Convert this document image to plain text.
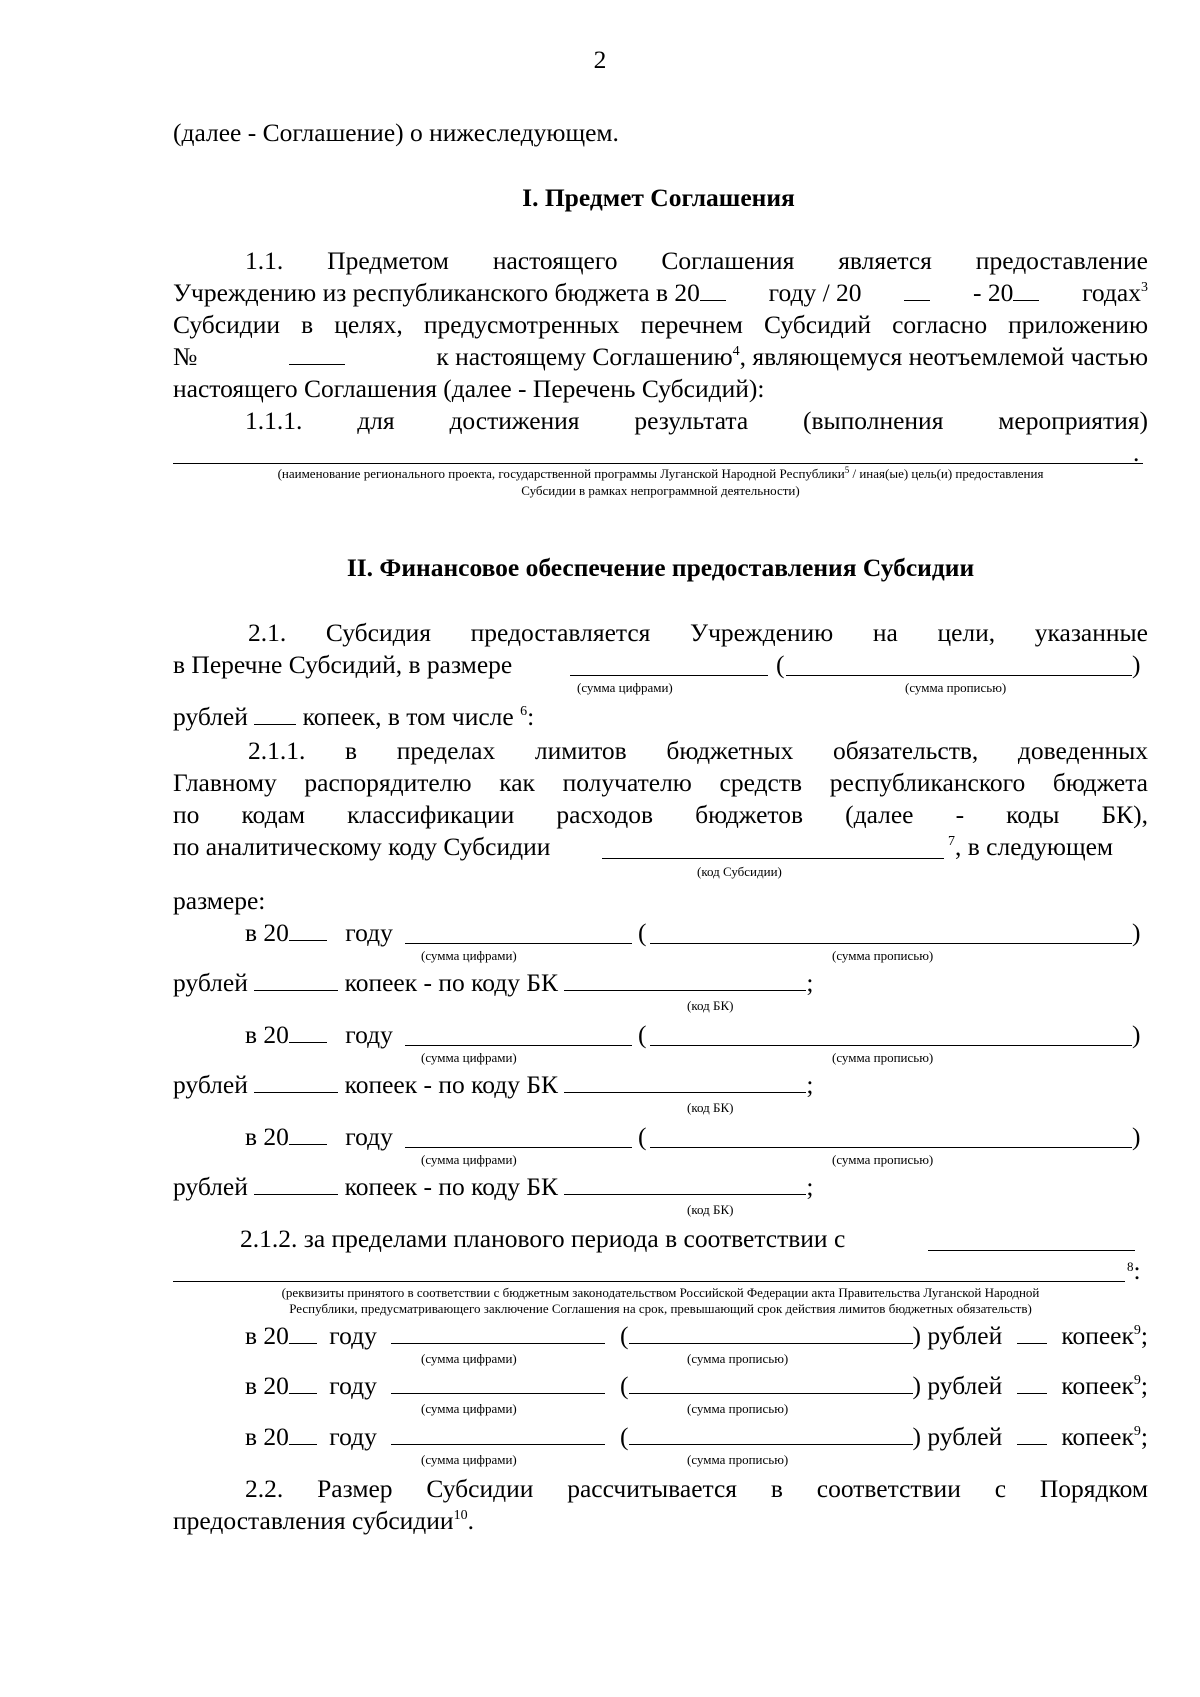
2
(далее - Соглашение) о нижеследующем.
I. Предмет Соглашения
1.1. Предметом настоящего Соглашения является предоставление
Учреждению из республиканского бюджета в 20	году / 20	- 20	годах$^3$
Субсидии в целях, предусмотренных перечнем Субсидий согласно приложению
№	к настоящему Соглашению$^4$, являющемуся неотъемлемой частью
настоящего Соглашения (далее - Перечень Субсидий):
1.1.1. для достижения результата (выполнения мероприятия)
.
(наименование регионального проекта, государственной программы Луганской Народной Республики$^5$ / иная(ые) цель(и) предоставления
Субсидии в рамках непрограммной деятельности)
II. Финансовое обеспечение предоставления Субсидии
2.1. Субсидия предоставляется Учреждению на цели, указанные
в Перечне Субсидий, в размере	(	)
(сумма цифрами)	(сумма прописью)
рублей копеек, в том числе $^6$:
2.1.1. в пределах лимитов бюджетных обязательств, доведенных
Главному распорядителю как получателю средств республиканского бюджета
по кодам классификации расходов бюджетов (далее - коды БК),
по аналитическому коду Субсидии	$^7$, в следующем
(код Субсидии)
размере:
в 20 году	(	)
(сумма цифрами)	(сумма прописью)
рублей	копеек - по коду БК	;
(код БК)
в 20 году	(	)
(сумма цифрами)	(сумма прописью)
рублей	копеек - по коду БК	;
(код БК)
в 20 году	(	)
(сумма цифрами)	(сумма прописью)
рублей	копеек - по коду БК	;
(код БК)
2.1.2. за пределами планового периода в соответствии с
$^8$:
(реквизиты принятого в соответствии с бюджетным законодательством Российской Федерации акта Правительства Луганской Народной
Республики, предусматривающего заключение Соглашения на срок, превышающий срок действия лимитов бюджетных обязательств)
в 20 году	(	) рублей копеек$^9$;
(сумма цифрами)	(сумма прописью)
в 20 году	(	) рублей копеек$^9$;
(сумма цифрами)	(сумма прописью)
в 20 году	(	) рублей копеек$^9$;
(сумма цифрами)	(сумма прописью)
2.2. Размер Субсидии рассчитывается в соответствии с Порядком
предоставления субсидии$^{10}$.
